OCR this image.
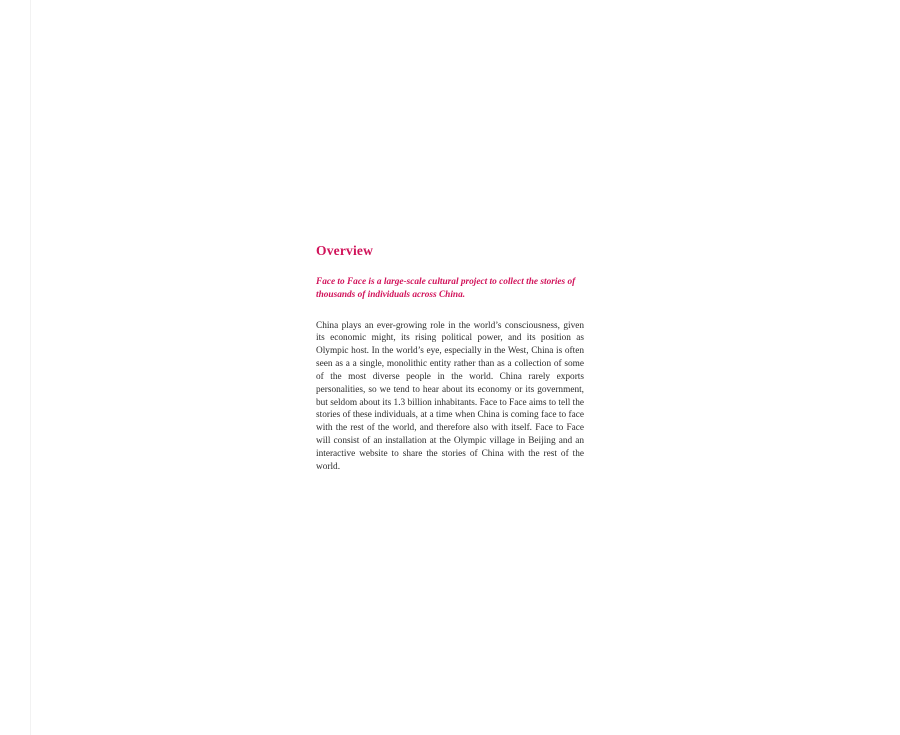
Overview

Face to Face is a large-scale cultural project to collect the stories of thousands of individuals across China.

China plays an ever-growing role in the world’s consciousness, given its economic might, its rising political power, and its position as Olympic host. In the world’s eye, especially in the West, China is often seen as a a single, monolithic entity rather than as a collection of some of the most diverse people in the world. China rarely exports personalities, so we tend to hear about its economy or its government, but seldom about its 1.3 billion inhabitants. Face to Face aims to tell the stories of these individuals, at a time when China is coming face to face with the rest of the world, and therefore also with itself. Face to Face will consist of an installation at the Olympic village in Beijing and an interactive website to share the stories of China with the rest of the world.
